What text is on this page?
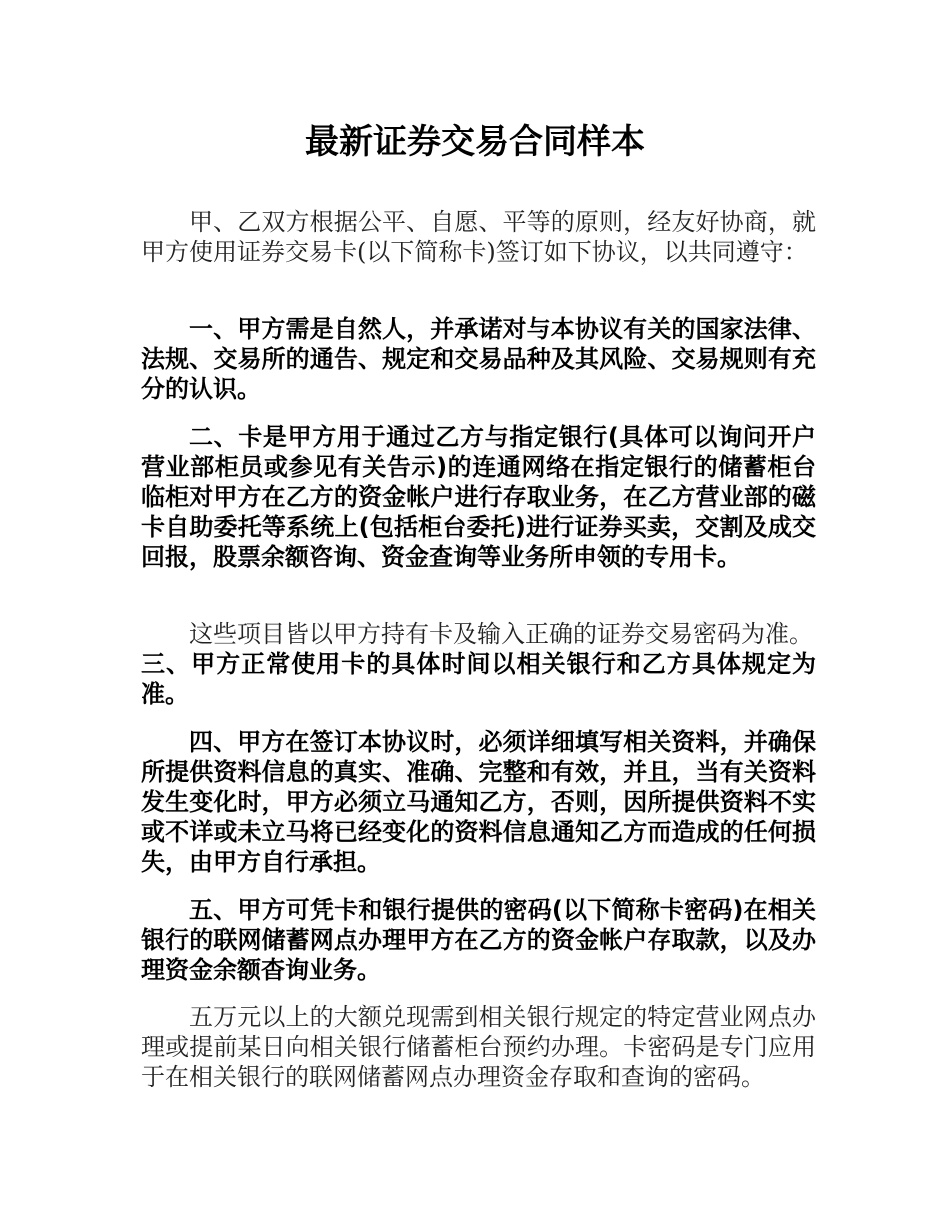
最新证券交易合同样本

甲、乙双方根据公平、自愿、平等的原则，经友好协商，就甲方使用证券交易卡(以下简称卡)签订如下协议，以共同遵守：

一、甲方需是自然人，并承诺对与本协议有关的国家法律、法规、交易所的通告、规定和交易品种及其风险、交易规则有充分的认识。

二、卡是甲方用于通过乙方与指定银行(具体可以询问开户营业部柜员或参见有关告示)的连通网络在指定银行的储蓄柜台临柜对甲方在乙方的资金帐户进行存取业务，在乙方营业部的磁卡自助委托等系统上(包括柜台委托)进行证券买卖，交割及成交回报，股票余额咨询、资金查询等业务所申领的专用卡。

这些项目皆以甲方持有卡及输入正确的证券交易密码为准。

三、甲方正常使用卡的具体时间以相关银行和乙方具体规定为准。

四、甲方在签订本协议时，必须详细填写相关资料，并确保所提供资料信息的真实、准确、完整和有效，并且，当有关资料发生变化时，甲方必须立马通知乙方，否则，因所提供资料不实或不详或未立马将已经变化的资料信息通知乙方而造成的任何损失，由甲方自行承担。

五、甲方可凭卡和银行提供的密码(以下简称卡密码)在相关银行的联网储蓄网点办理甲方在乙方的资金帐户存取款，以及办理资金余额杳询业务。

五万元以上的大额兑现需到相关银行规定的特定营业网点办理或提前某日向相关银行储蓄柜台预约办理。卡密码是专门应用于在相关银行的联网储蓄网点办理资金存取和查询的密码。
